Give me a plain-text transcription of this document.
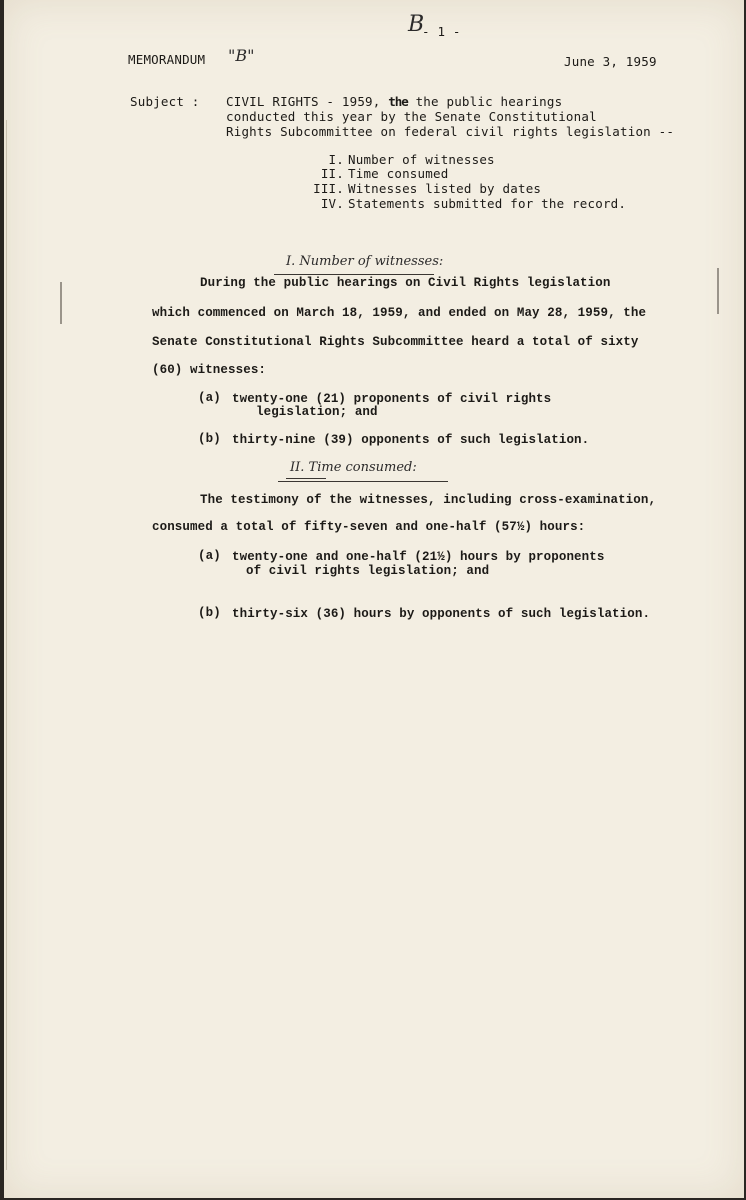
B
- 1 -
MEMORANDUM "B"	June 3, 1959
Subject : CIVIL RIGHTS - 1959, the the public hearings
conducted this year by the Senate Constitutional
Rights Subcommittee on federal civil rights legislation --
I. Number of witnesses
II. Time consumed
III. Witnesses listed by dates
IV. Statements submitted for the record.
I. Number of witnesses:
During the public hearings on Civil Rights legislation
which commenced on March 18, 1959, and ended on May 28, 1959, the
Senate Constitutional Rights Subcommittee heard a total of sixty
(60) witnesses:
(a) twenty-one (21) proponents of civil rights
legislation; and
(b) thirty-nine (39) opponents of such legislation.
II. Time consumed:
The testimony of the witnesses, including cross-examination,
consumed a total of fifty-seven and one-half (57½) hours:
(a) twenty-one and one-half (21½) hours by proponents
of civil rights legislation; and
(b) thirty-six (36) hours by opponents of such legislation.
